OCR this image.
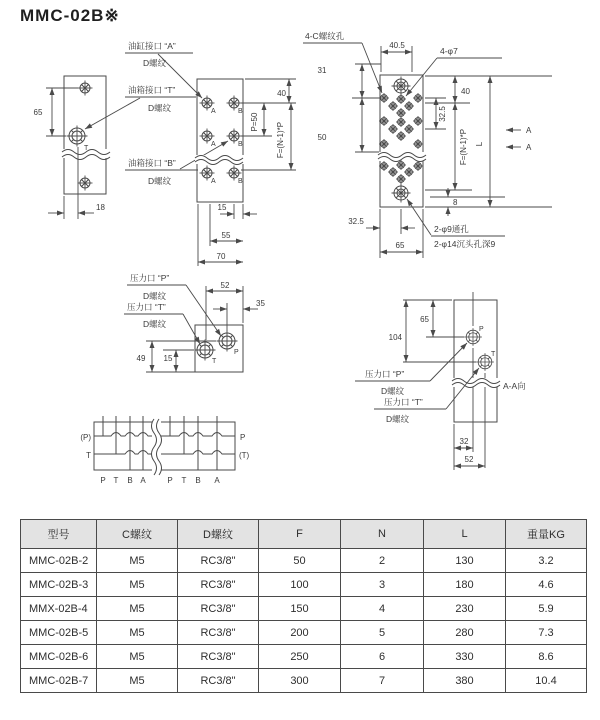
MMC-02B※
T
65
18
油缸接口 “A”
D螺纹
油箱接口 “T”
D螺纹
油箱接口 “B”
D螺纹
A	B
A	B
A	B
40
P=50 F=(N-1)*P
15
55
70
40.5
4-C螺纹孔
4-φ7
31
50
32.5
40
F=(N-1)*P
8
L
A
A
32.5
65
2-φ9通孔
2-φ14沉头孔深9
T
P
52
35
49 15
压力口 “P”
D螺纹
压力口 “T”
D螺纹
P
T
65
104
32
52
A-A向
压力口 “P”
D螺纹
压力口 “T”
D螺纹
(P)
T
P
(T)
P T B A	P T B A
型号	C螺纹	D螺纹	F	N	L	重量KG
MMC-02B-2	M5	RC3/8"	50	2	130	3.2
MMC-02B-3	M5	RC3/8"	100	3	180	4.6
MMX-02B-4	M5	RC3/8"	150	4	230	5.9
MMC-02B-5	M5	RC3/8"	200	5	280	7.3
MMC-02B-6	M5	RC3/8"	250	6	330	8.6
MMC-02B-7	M5	RC3/8"	300	7	380	10.4
